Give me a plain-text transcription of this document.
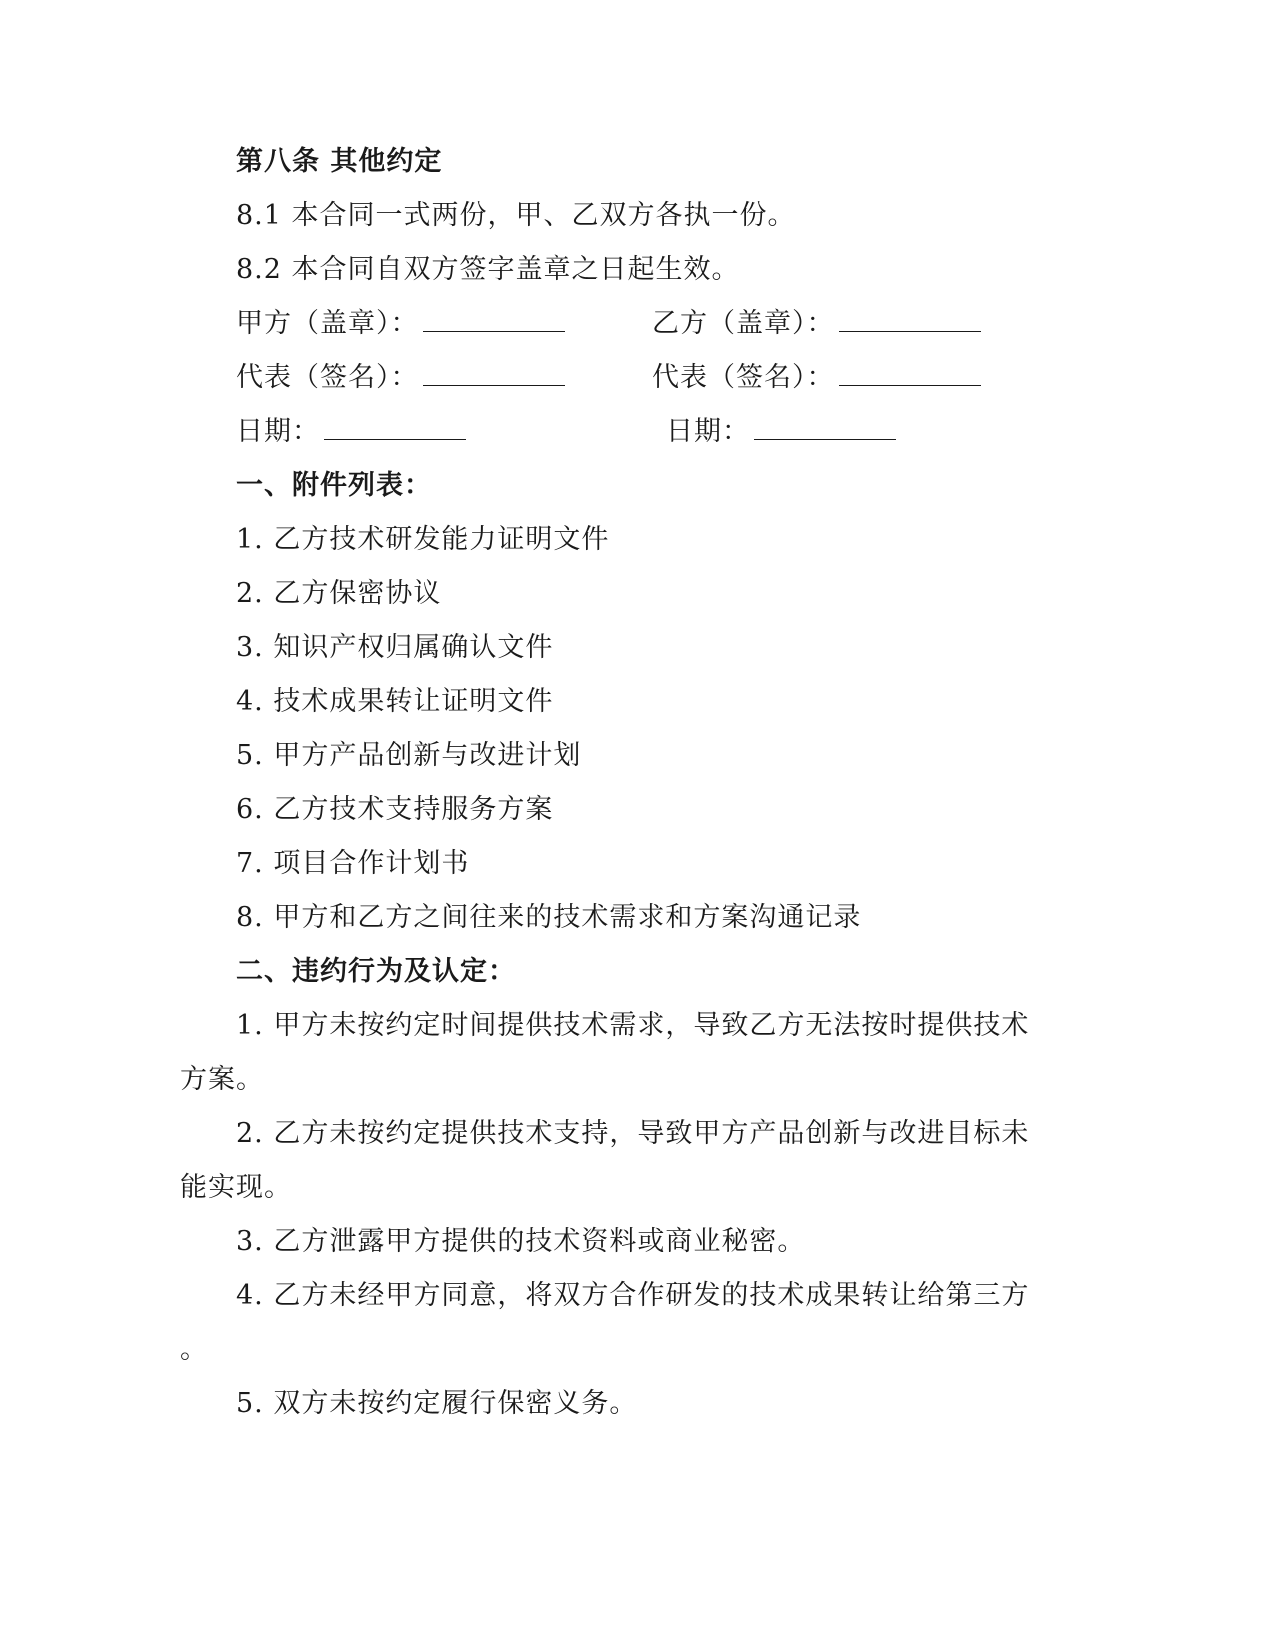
第八条 其他约定
8.1 本合同一式两份，甲、乙双方各执一份。
8.2 本合同自双方签字盖章之日起生效。
甲方（盖章）：	乙方（盖章）：
代表（签名）：	代表（签名）：
日期：	日期：
一、附件列表：
1. 乙方技术研发能力证明文件
2. 乙方保密协议
3. 知识产权归属确认文件
4. 技术成果转让证明文件
5. 甲方产品创新与改进计划
6. 乙方技术支持服务方案
7. 项目合作计划书
8. 甲方和乙方之间往来的技术需求和方案沟通记录
二、违约行为及认定：
1. 甲方未按约定时间提供技术需求，导致乙方无法按时提供技术
方案。
2. 乙方未按约定提供技术支持，导致甲方产品创新与改进目标未
能实现。
3. 乙方泄露甲方提供的技术资料或商业秘密。
4. 乙方未经甲方同意，将双方合作研发的技术成果转让给第三方
。
5. 双方未按约定履行保密义务。
